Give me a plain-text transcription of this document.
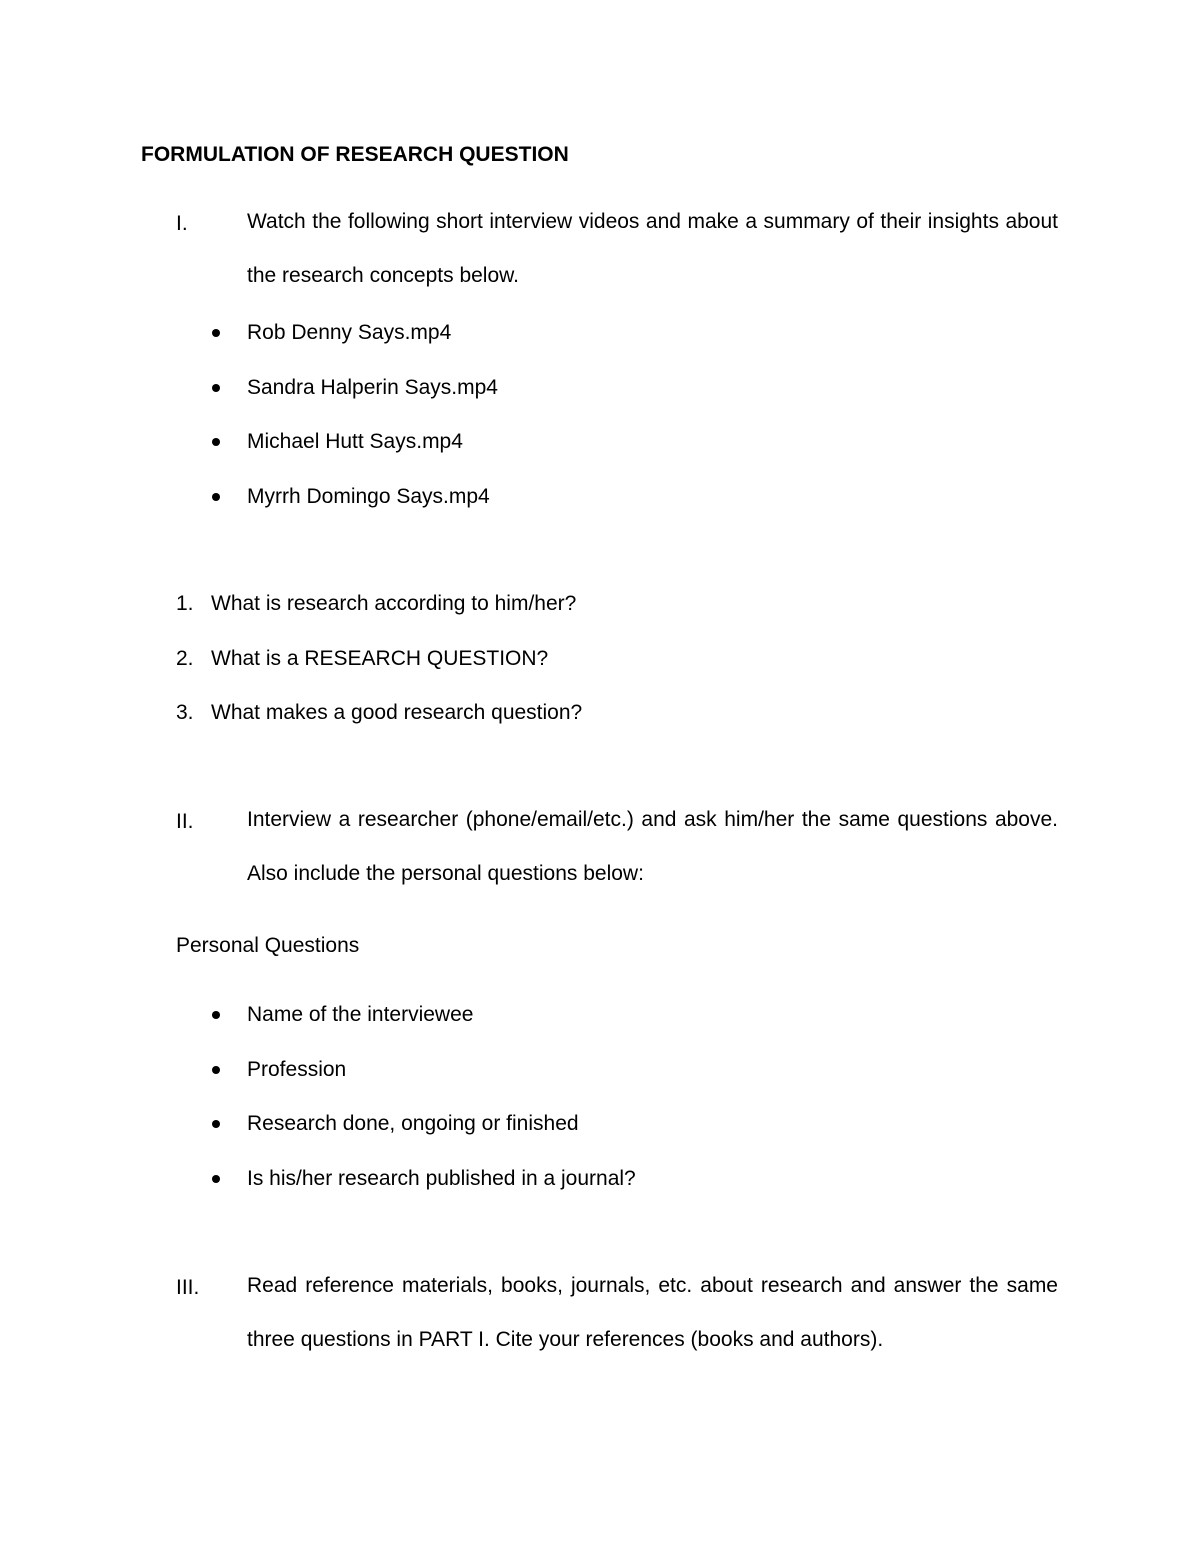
FORMULATION OF RESEARCH QUESTION
I.	Watch the following short interview videos and make a summary of their insights about the research concepts below.
Rob Denny Says.mp4
Sandra Halperin Says.mp4
Michael Hutt Says.mp4
Myrrh Domingo Says.mp4
1. What is research according to him/her?
2. What is a RESEARCH QUESTION?
3. What makes a good research question?
II.	Interview a researcher (phone/email/etc.) and ask him/her the same questions above. Also include the personal questions below:
Personal Questions
Name of the interviewee
Profession
Research done, ongoing or finished
Is his/her research published in a journal?
III. Read reference materials, books, journals, etc. about research and answer the same three questions in PART I. Cite your references (books and authors).
